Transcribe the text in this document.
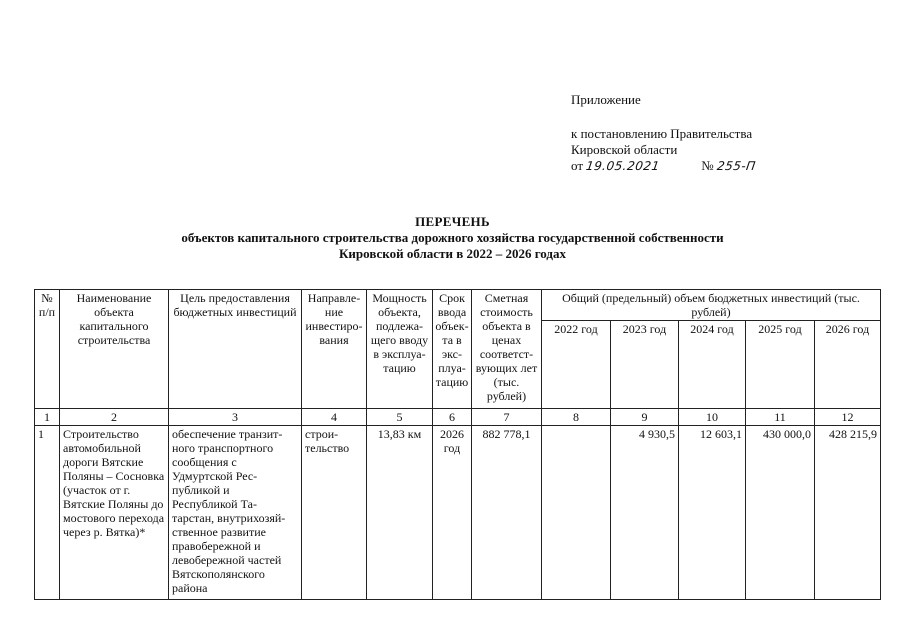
Приложение
к постановлению Правительства
Кировской области
от 19.05.2021	№ 255-П
ПЕРЕЧЕНЬ
объектов капитального строительства дорожного хозяйства государственной собственности
Кировской области в 2022 – 2026 годах
№ п/п	Наименование объекта капитального строительства	Цель предоставления бюджетных инвестиций	Направле-ние инвестиро-вания	Мощность объекта, подлежа-щего вводу в эксплуа-тацию	Срок ввода объек-та в экс-плуа-тацию	Сметная стоимость объекта в ценах соответст-вующих лет (тыс. рублей)	Общий (предельный) объем бюджетных инвестиций (тыс. рублей)				
							2022 год	2023 год	2024 год	2025 год	2026 год
1	2	3	4	5	6	7	8	9	10	11	12
1	Строительство автомобильной дороги Вятские Поляны – Сосновка (участок от г. Вятские Поляны до мостового перехода через р. Вятка)*	обеспечение транзит-ного транспортного сообщения с Удмуртской Рес-публикой и Республикой Та-тарстан, внутрихозяй-ственное развитие правобережной и левобережной частей Вятскополянского района	строи-тельство	13,83 км	2026 год	882 778,1		4 930,5	12 603,1	430 000,0	428 215,9
